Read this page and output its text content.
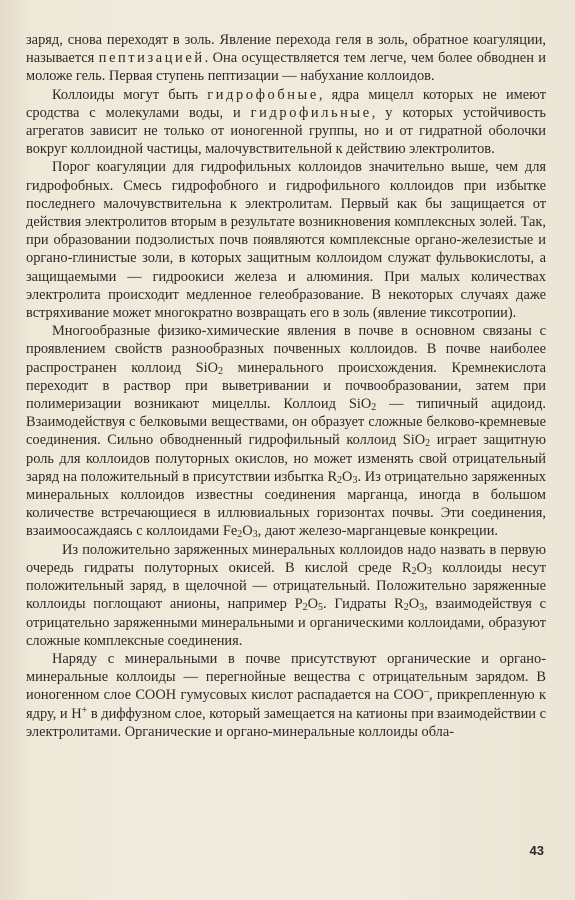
заряд, снова переходят в золь. Явление перехода геля в золь, обратное коагуляции, называется пептизацией. Она осуществляется тем легче, чем более обводнен и моложе гель. Первая ступень пептизации — набухание коллоидов.

Коллоиды могут быть гидрофобные, ядра мицелл которых не имеют сродства с молекулами воды, и гидрофильные, у которых устойчивость агрегатов зависит не только от ионогенной группы, но и от гидратной оболочки вокруг коллоидной частицы, малочувствительной к действию электролитов.

Порог коагуляции для гидрофильных коллоидов значительно выше, чем для гидрофобных. Смесь гидрофобного и гидрофильного коллоидов при избытке последнего малочувствительна к электролитам. Первый как бы защищается от действия электролитов вторым в результате возникновения комплексных золей. Так, при образовании подзолистых почв появляются комплексные органо-железистые и органо-глинистые золи, в которых защитным коллоидом служат фульвокислоты, а защищаемыми — гидроокиси железа и алюминия. При малых количествах электролита происходит медленное гелеобразование. В некоторых случаях даже встряхивание может многократно возвращать его в золь (явление тиксотропии).

Многообразные физико-химические явления в почве в основном связаны с проявлением свойств разнообразных почвенных коллоидов. В почве наиболее распространен коллоид SiO$_2$ минерального происхождения. Кремнекислота переходит в раствор при выветривании и почвообразовании, затем при полимеризации возникают мицеллы. Коллоид SiO$_2$ — типичный ацидоид. Взаимодействуя с белковыми веществами, он образует сложные белково-кремневые соединения. Сильно обводненный гидрофильный коллоид SiO$_2$ играет защитную роль для коллоидов полуторных окислов, но может изменять свой отрицательный заряд на положительный в присутствии избытка $R_2O_3$. Из отрицательно заряженных минеральных коллоидов известны соединения марганца, иногда в большом количестве встречающиеся в иллювиальных горизонтах почвы. Эти соединения, взаимоосаждаясь с коллоидами $Fe_2O_3$, дают железо-марганцевые конкреции.

Из положительно заряженных минеральных коллоидов надо назвать в первую очередь гидраты полуторных окисей. В кислой среде $R_2O_3$ коллоиды несут положительный заряд, в щелочной — отрицательный. Положительно заряженные коллоиды поглощают анионы, например $P_2O_5$. Гидраты $R_2O_3$, взаимодействуя с отрицательно заряженными минеральными и органическими коллоидами, образуют сложные комплексные соединения.

Наряду с минеральными в почве присутствуют органические и органо-минеральные коллоиды — перегнойные вещества с отрицательным зарядом. В ионогенном слое COOH гумусовых кислот распадается на COO–, прикрепленную к ядру, и H+ в диффузном слое, который замещается на катионы при взаимодействии с электролитами. Органические и органо-минеральные коллоиды обла-

43
